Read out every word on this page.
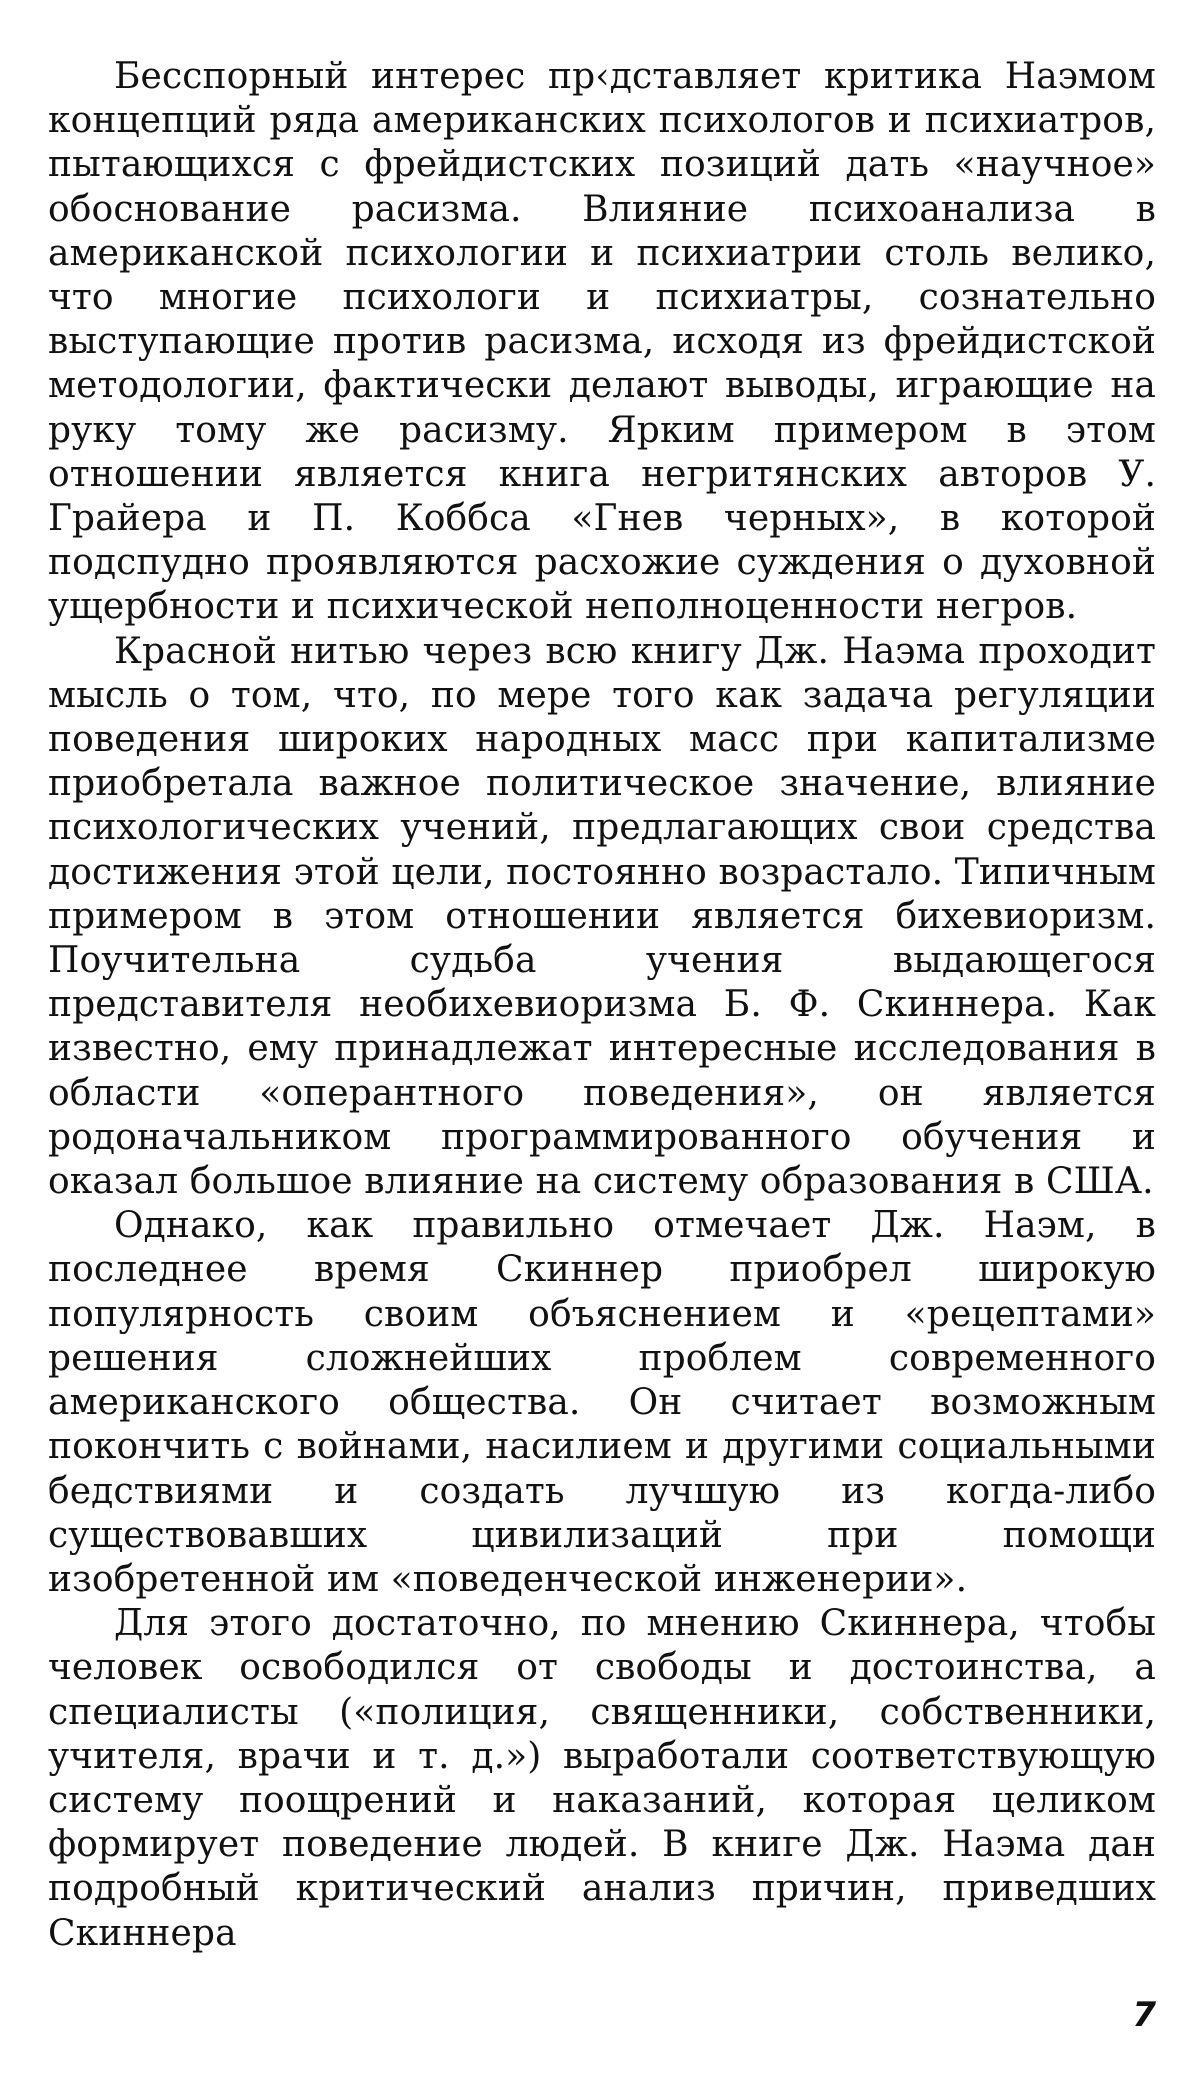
Бесспорный интерес пр‹дставляет критика Наэмом концепций ряда американских психологов и психиатров, пытающихся с фрейдистских позиций дать «научное» обоснование расизма. Влияние психоанализа в американской психологии и психиатрии столь велико, что многие психологи и психиатры, сознательно выступающие против расизма, исходя из фрейдистской методологии, фактически делают выводы, играющие на руку тому же расизму. Ярким примером в этом отношении является книга негритянских авторов У. Грайера и П. Коббса «Гнев черных», в которой подспудно проявляются расхожие суждения о духовной ущербности и психической неполноценности негров.

Красной нитью через всю книгу Дж. Наэма проходит мысль о том, что, по мере того как задача регуляции поведения широких народных масс при капитализме приобретала важное политическое значение, влияние психологических учений, предлагающих свои средства достижения этой цели, постоянно возрастало. Типичным примером в этом отношении является бихевиоризм. Поучительна судьба учения выдающегося представителя необихевиоризма Б. Ф. Скиннера. Как известно, ему принадлежат интересные исследования в области «оперантного поведения», он является родоначальником программированного обучения и оказал большое влияние на систему образования в США.

Однако, как правильно отмечает Дж. Наэм, в последнее время Скиннер приобрел широкую популярность своим объяснением и «рецептами» решения сложнейших проблем современного американского общества. Он считает возможным покончить с войнами, насилием и другими социальными бедствиями и создать лучшую из когда-либо существовавших цивилизаций при помощи изобретенной им «поведенческой инженерии».

Для этого достаточно, по мнению Скиннера, чтобы человек освободился от свободы и достоинства, а специалисты («полиция, священники, собственники, учителя, врачи и т. д.») выработали соответствующую систему поощрений и наказаний, которая целиком формирует поведение людей. В книге Дж. Наэма дан подробный критический анализ причин, приведших Скиннера

7
